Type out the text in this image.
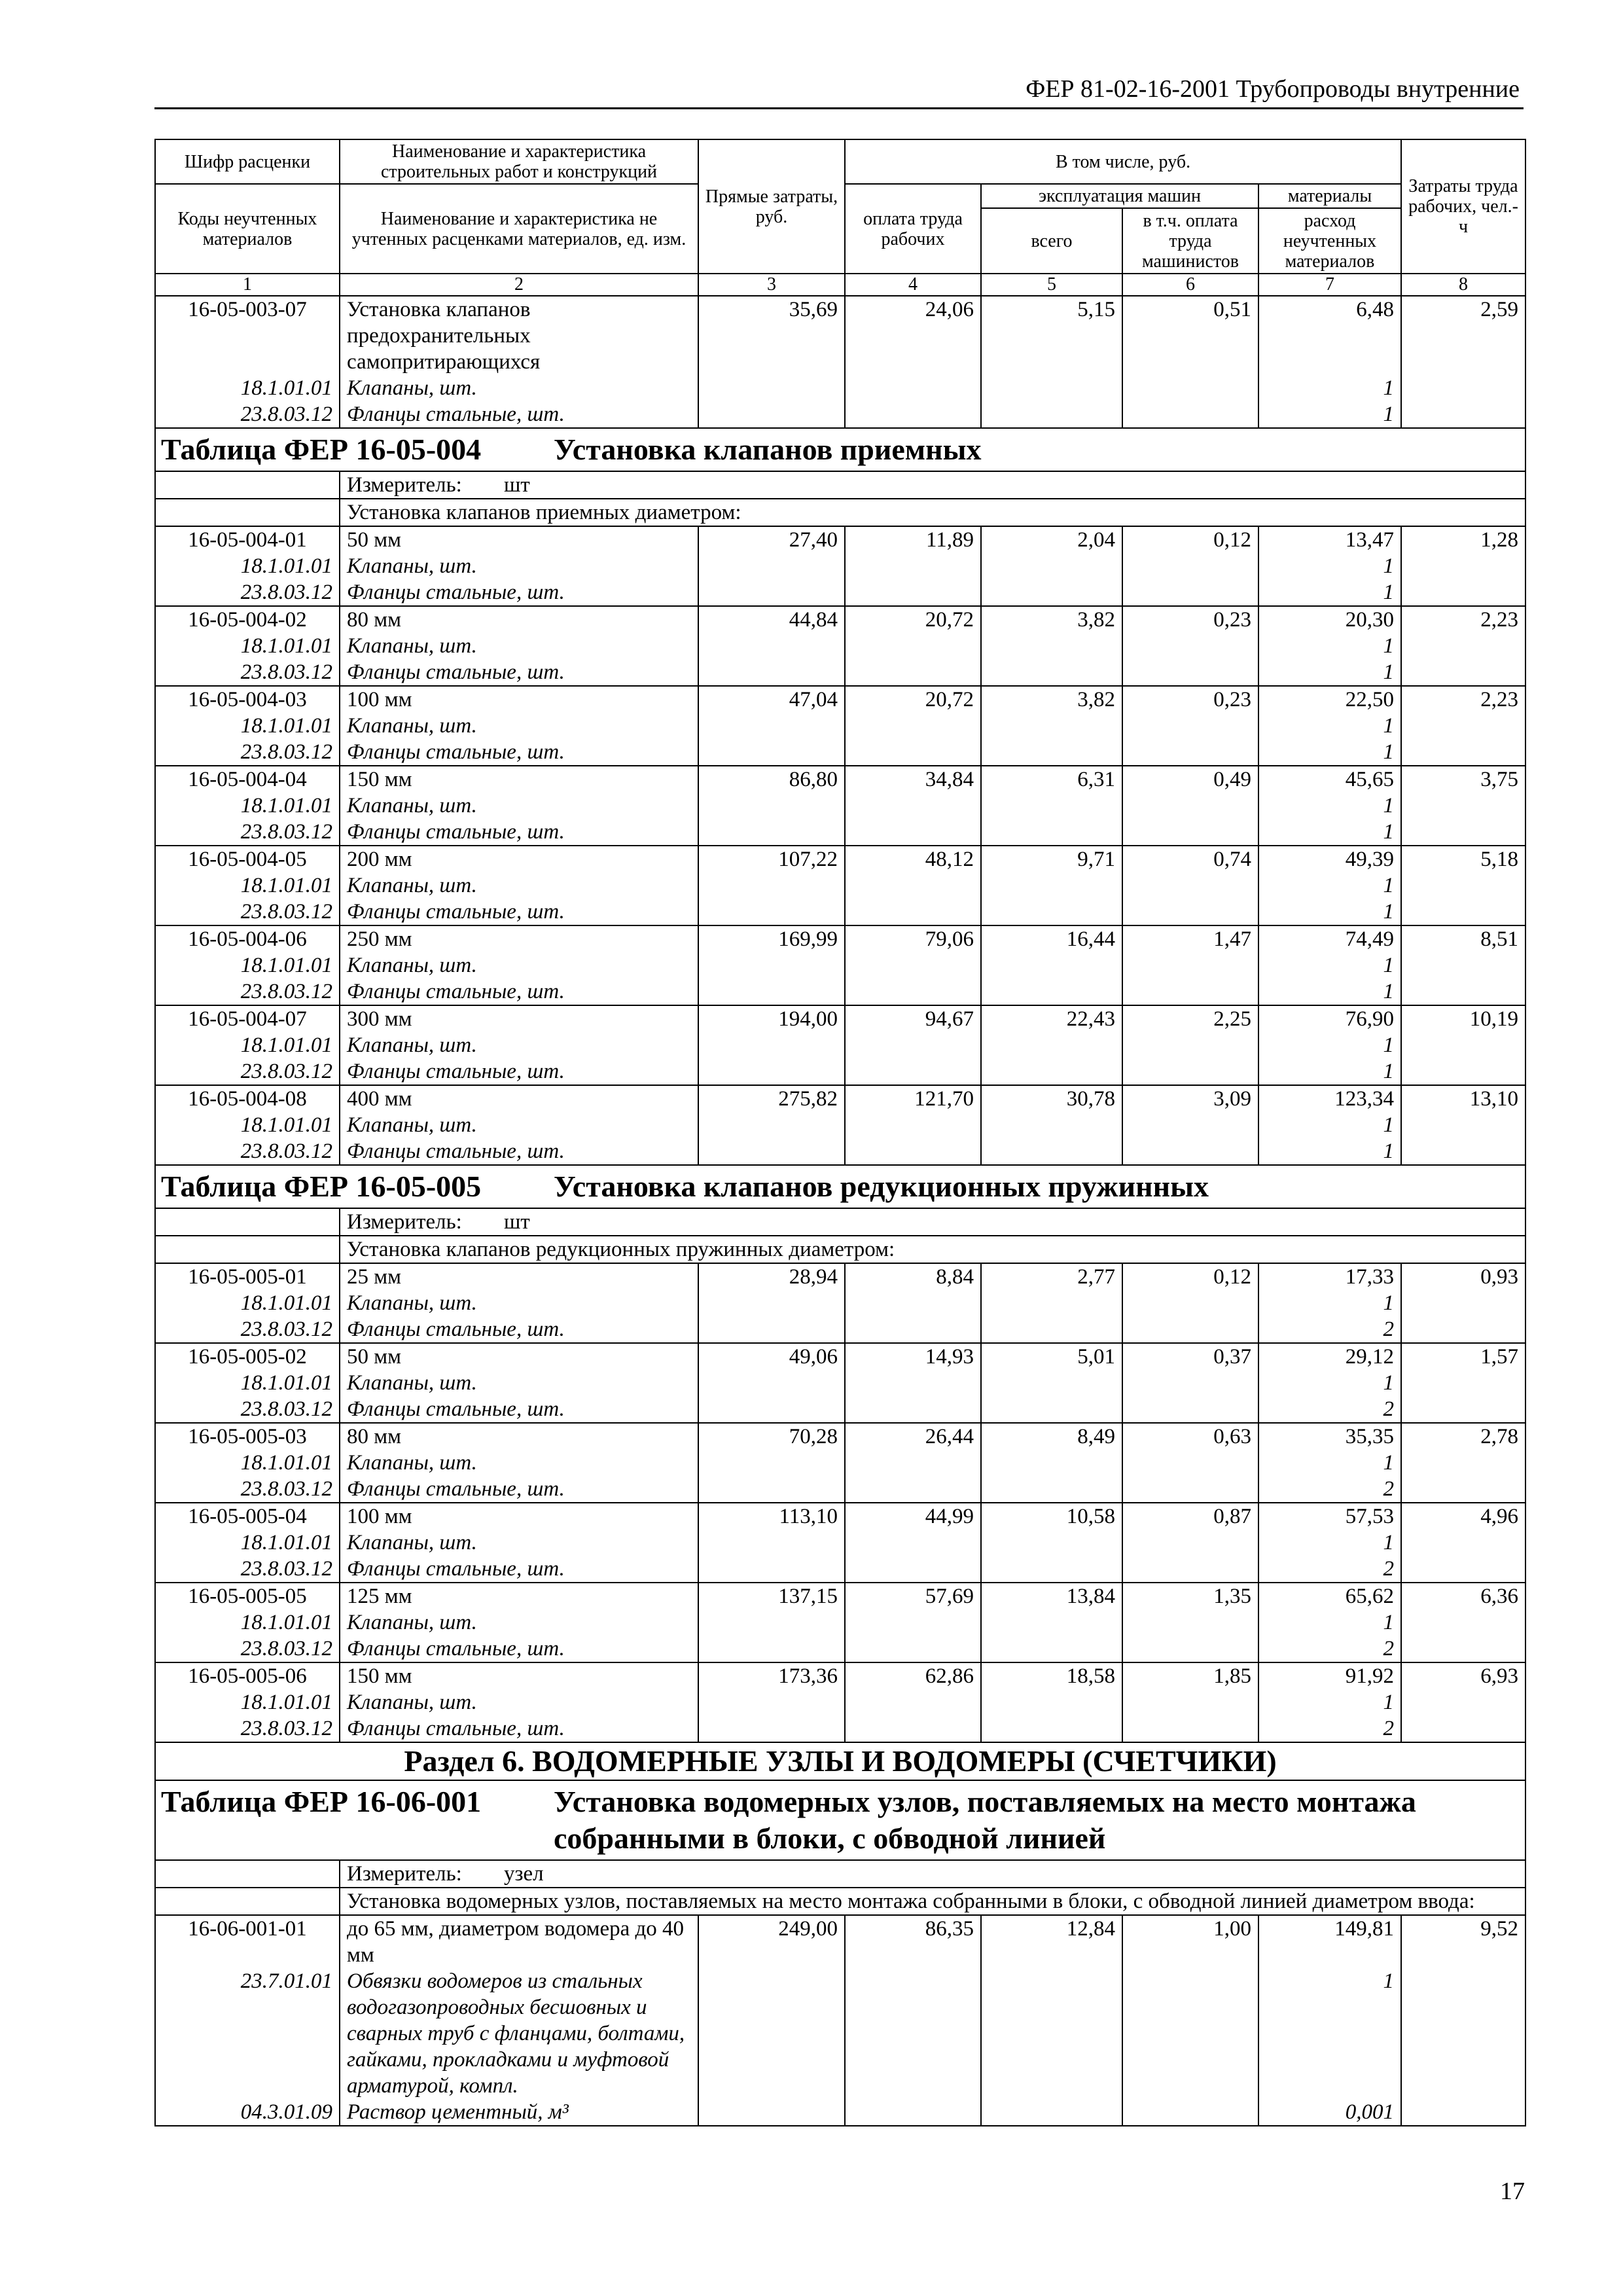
ФЕР 81-02-16-2001 Трубопроводы внутренние
Шифр расценки	Наименование и характеристика строительных работ и конструкций	Прямые затраты, руб.	В том числе, руб.				Затраты труда рабочих, чел.-ч
Коды неучтенных материалов	Наименование и характеристика не учтенных расценками материалов, ед. изм.		оплата труда рабочих	эксплуатация машин		материалы	
				всего	в т.ч. оплата труда машинистов	расход неучтенных материалов	
1	2	3	4	5	6	7	8
16-05-003-07	Установка клапанов
предохранительных
самопритирающихся	35,69	24,06	5,15	0,51	6,48	2,59
18.1.01.01	Клапаны, шт.					1	
23.8.03.12	Фланцы стальные, шт.					1	
Таблица ФЕР 16-05-004 Установка клапанов приемных							
	Измеритель: шт						
	Установка клапанов приемных диаметром:						
16-05-004-01	50 мм	27,40	11,89	2,04	0,12	13,47	1,28
18.1.01.01	Клапаны, шт.					1	
23.8.03.12	Фланцы стальные, шт.					1	
16-05-004-02	80 мм	44,84	20,72	3,82	0,23	20,30	2,23
18.1.01.01	Клапаны, шт.					1	
23.8.03.12	Фланцы стальные, шт.					1	
16-05-004-03	100 мм	47,04	20,72	3,82	0,23	22,50	2,23
18.1.01.01	Клапаны, шт.					1	
23.8.03.12	Фланцы стальные, шт.					1	
16-05-004-04	150 мм	86,80	34,84	6,31	0,49	45,65	3,75
18.1.01.01	Клапаны, шт.					1	
23.8.03.12	Фланцы стальные, шт.					1	
16-05-004-05	200 мм	107,22	48,12	9,71	0,74	49,39	5,18
18.1.01.01	Клапаны, шт.					1	
23.8.03.12	Фланцы стальные, шт.					1	
16-05-004-06	250 мм	169,99	79,06	16,44	1,47	74,49	8,51
18.1.01.01	Клапаны, шт.					1	
23.8.03.12	Фланцы стальные, шт.					1	
16-05-004-07	300 мм	194,00	94,67	22,43	2,25	76,90	10,19
18.1.01.01	Клапаны, шт.					1	
23.8.03.12	Фланцы стальные, шт.					1	
16-05-004-08	400 мм	275,82	121,70	30,78	3,09	123,34	13,10
18.1.01.01	Клапаны, шт.					1	
23.8.03.12	Фланцы стальные, шт.					1	
Таблица ФЕР 16-05-005 Установка клапанов редукционных пружинных							
	Измеритель: шт						
	Установка клапанов редукционных пружинных диаметром:						
16-05-005-01	25 мм	28,94	8,84	2,77	0,12	17,33	0,93
18.1.01.01	Клапаны, шт.					1	
23.8.03.12	Фланцы стальные, шт.					2	
16-05-005-02	50 мм	49,06	14,93	5,01	0,37	29,12	1,57
18.1.01.01	Клапаны, шт.					1	
23.8.03.12	Фланцы стальные, шт.					2	
16-05-005-03	80 мм	70,28	26,44	8,49	0,63	35,35	2,78
18.1.01.01	Клапаны, шт.					1	
23.8.03.12	Фланцы стальные, шт.					2	
16-05-005-04	100 мм	113,10	44,99	10,58	0,87	57,53	4,96
18.1.01.01	Клапаны, шт.					1	
23.8.03.12	Фланцы стальные, шт.					2	
16-05-005-05	125 мм	137,15	57,69	13,84	1,35	65,62	6,36
18.1.01.01	Клапаны, шт.					1	
23.8.03.12	Фланцы стальные, шт.					2	
16-05-005-06	150 мм	173,36	62,86	18,58	1,85	91,92	6,93
18.1.01.01	Клапаны, шт.					1	
23.8.03.12	Фланцы стальные, шт.					2	
Раздел 6. ВОДОМЕРНЫЕ УЗЛЫ И ВОДОМЕРЫ (СЧЕТЧИКИ)							
Таблица ФЕР 16-06-001 Установка водомерных узлов, поставляемых на место монтажа собранными в блоки, с обводной линией							
	Измеритель: узел						
	Установка водомерных узлов, поставляемых на место монтажа собранными в блоки, с обводной линией диаметром ввода:						
16-06-001-01	до 65 мм, диаметром водомера до 40 мм	249,00	86,35	12,84	1,00	149,81	9,52
23.7.01.01	Обвязки водомеров из стальных водогазопроводных бесшовных и сварных труб с фланцами, болтами, гайками, прокладками и муфтовой арматурой, компл.					1	
04.3.01.09	Раствор цементный, м³					0,001	
17
